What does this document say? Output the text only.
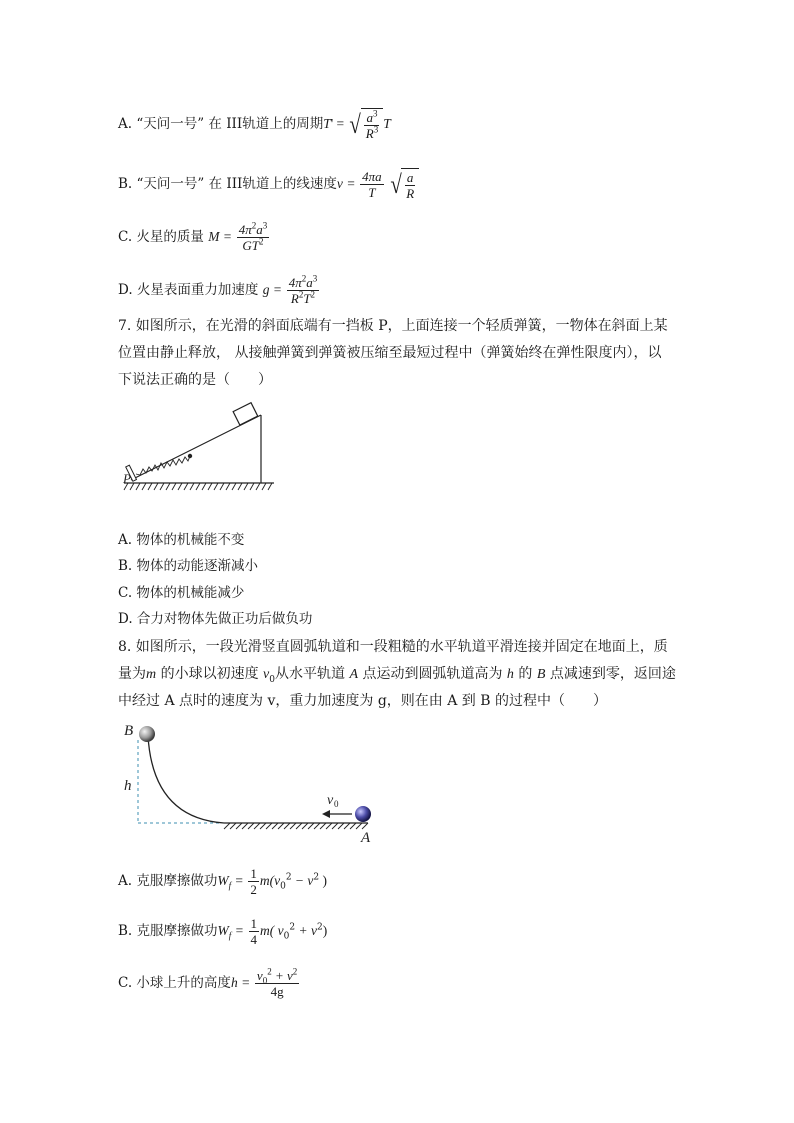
A. “天问一号” 在 III轨道上的周期T' = √ $\frac{a^3}{R^3}$ T
B. “天问一号” 在 III轨道上的线速度$v = \frac{4\pi a}{T}$
√ $\frac{a}{R}$
C. 火星的质量 $M = \frac{4\pi^2a^3}{GT^2}$
D. 火星表面重力加速度 $g = \frac{4\pi^2a^3}{R^2T^2}$
7. 如图所示，在光滑的斜面底端有一挡板 P，上面连接一个轻质弹簧，一物体在斜面上某
位置由静止释放， 从接触弹簧到弹簧被压缩至最短过程中（弹簧始终在弹性限度内），以
下说法正确的是（　　）
P
A. 物体的机械能不变
B. 物体的动能逐渐减小
C. 物体的机械能减少
D. 合力对物体先做正功后做负功
8. 如图所示，一段光滑竖直圆弧轨道和一段粗糙的水平轨道平滑连接并固定在地面上，质
量为m 的小球以初速度 $v_0$从水平轨道 A 点运动到圆弧轨道高为 h 的 B 点减速到零，返回途
中经过 A 点时的速度为 v，重力加速度为 g，则在由 A 到 B 的过程中（　　）
B
h
v 0
A
A. 克服摩擦做功$W_f = \frac{1}{2} m(v_0^2 - v^2$ )
B. 克服摩擦做功$W_f = \frac{1}{4} m$( $v_0^2 + v^2$)
C. 小球上升的高度$h = \frac{v_0^2 + v^2}{4g}$
